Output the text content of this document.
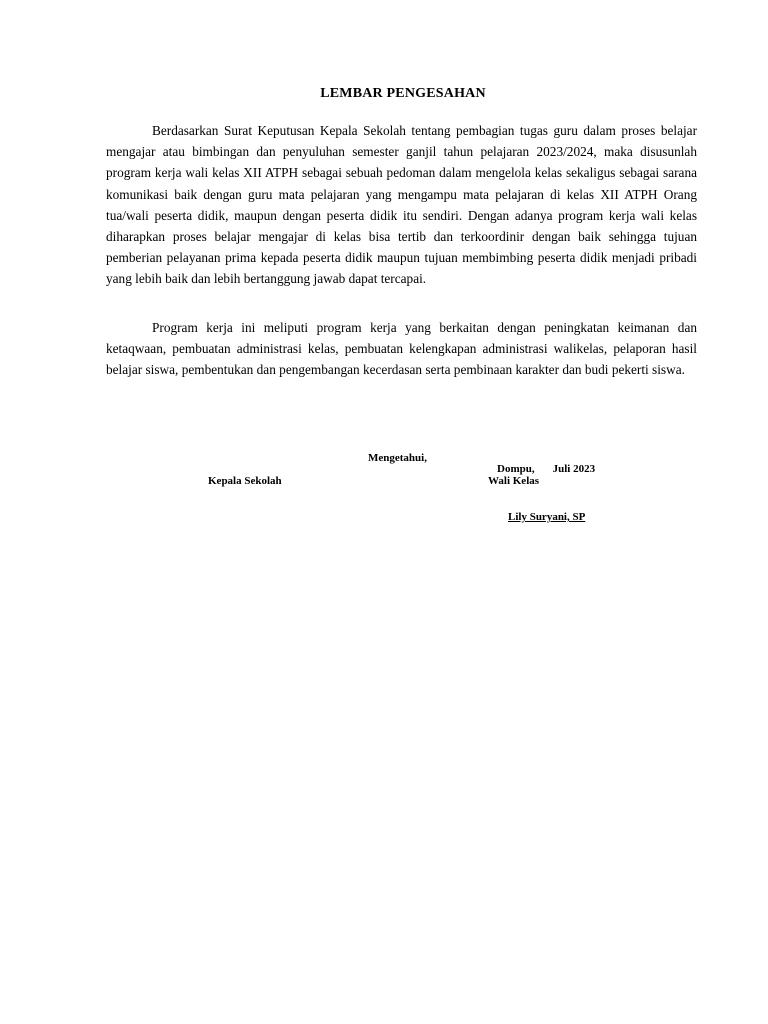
LEMBAR PENGESAHAN

Berdasarkan Surat Keputusan Kepala Sekolah tentang pembagian tugas guru dalam proses belajar mengajar atau bimbingan dan penyuluhan semester ganjil tahun pelajaran 2023/2024, maka disusunlah program kerja wali kelas XII ATPH sebagai sebuah pedoman dalam mengelola kelas sekaligus sebagai sarana komunikasi baik dengan guru mata pelajaran yang mengampu mata pelajaran di kelas XII ATPH Orang tua/wali peserta didik, maupun dengan peserta didik itu sendiri. Dengan adanya program kerja wali kelas diharapkan proses belajar mengajar di kelas bisa tertib dan terkoordinir dengan baik sehingga tujuan pemberian pelayanan prima kepada peserta didik maupun tujuan membimbing peserta didik menjadi pribadi yang lebih baik dan lebih bertanggung jawab dapat tercapai.

Program kerja ini meliputi program kerja yang berkaitan dengan peningkatan keimanan dan ketaqwaan, pembuatan administrasi kelas, pembuatan kelengkapan administrasi walikelas, pelaporan hasil belajar siswa, pembentukan dan pengembangan kecerdasan serta pembinaan karakter dan budi pekerti siswa.

Mengetahui,
Dompu, Juli 2023
Kepala Sekolah	Wali Kelas
Lily Suryani, SP
